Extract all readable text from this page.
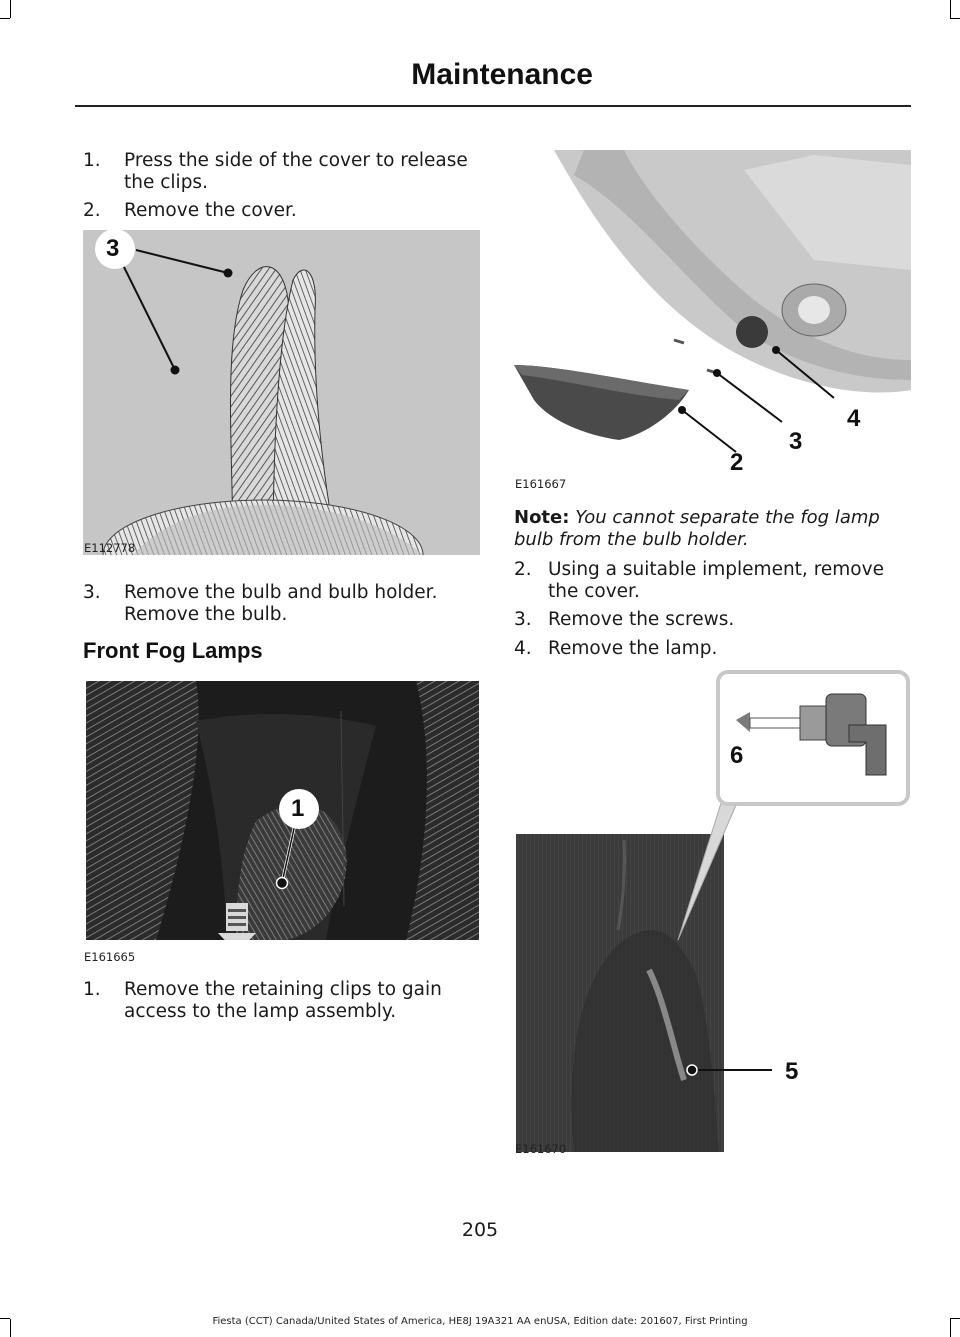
Maintenance
1. Press the side of the cover to release
the clips.
2. Remove the cover.
3
E112778
3. Remove the bulb and bulb holder.
Remove the bulb.
Front Fog Lamps
1
E161665
1. Remove the retaining clips to gain
access to the lamp assembly.
4
3
2
E161667
Note: You cannot separate the fog lamp
bulb from the bulb holder.
2. Using a suitable implement, remove
the cover.
3. Remove the screws.
4. Remove the lamp.
6
5
E161670
205
Fiesta (CCT) Canada/United States of America, HE8J 19A321 AA enUSA, Edition date: 201607, First Printing
